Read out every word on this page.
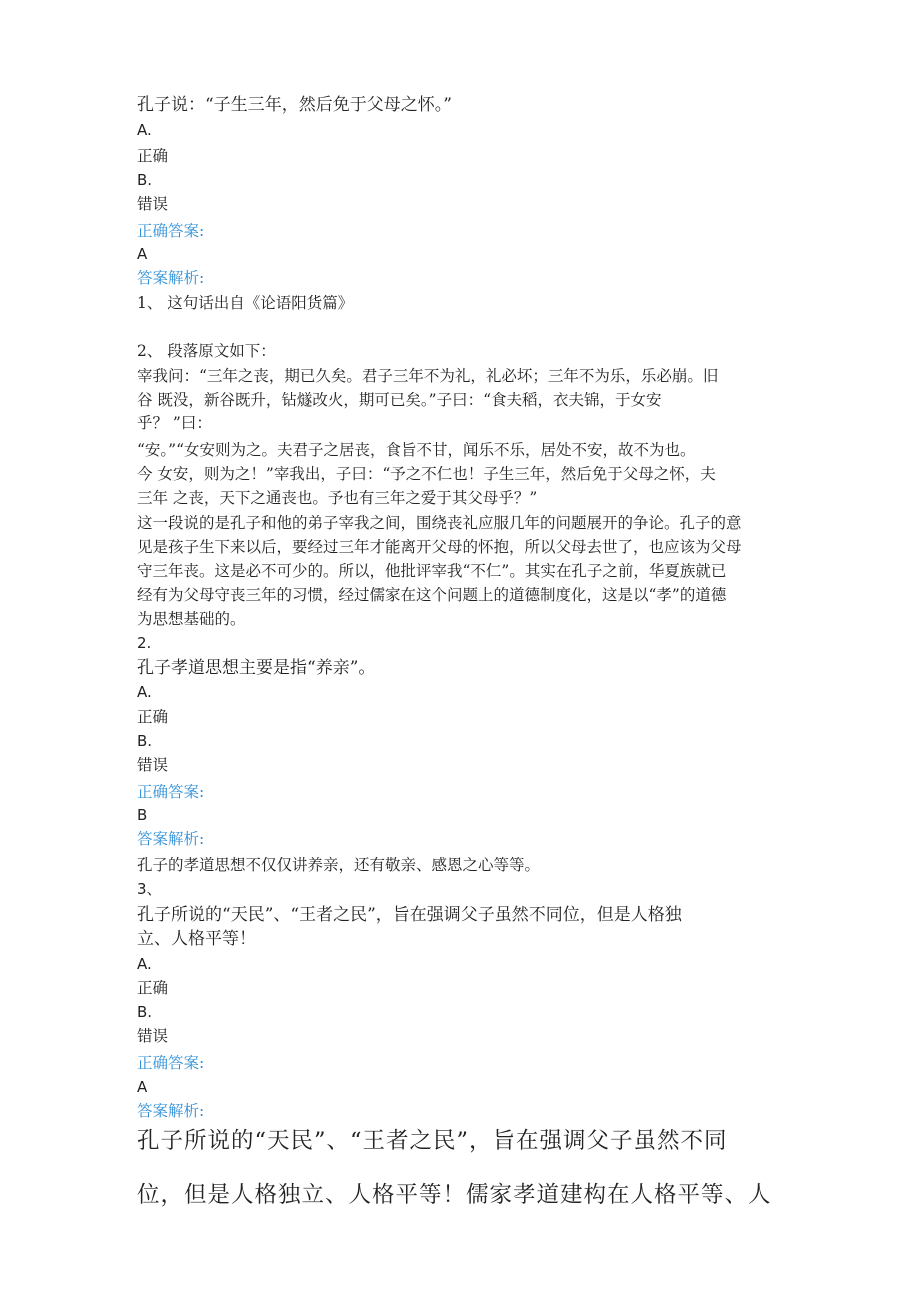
孔子说：“子生三年，然后免于父母之怀。”
A.
正确
B.
错误
正确答案:
A
答案解析:
1、 这句话出自《论语阳货篇》
2、 段落原文如下：
宰我问：“三年之丧，期已久矣。君子三年不为礼，礼必坏；三年不为乐，乐必崩。旧
谷 既没，新谷既升，钻燧改火，期可已矣。”子曰：“食夫稻，衣夫锦，于女安
乎？ ”曰：
“安。”“女安则为之。夫君子之居丧，食旨不甘，闻乐不乐，居处不安，故不为也。
今 女安，则为之！”宰我出，子曰：“予之不仁也！子生三年，然后免于父母之怀，夫
三年 之丧，天下之通丧也。予也有三年之爱于其父母乎？”
这一段说的是孔子和他的弟子宰我之间，围绕丧礼应服几年的问题展开的争论。孔子的意
见是孩子生下来以后，要经过三年才能离开父母的怀抱，所以父母去世了，也应该为父母
守三年丧。这是必不可少的。所以，他批评宰我“不仁”。其实在孔子之前，华夏族就已
经有为父母守丧三年的习惯，经过儒家在这个问题上的道德制度化，这是以“孝”的道德
为思想基础的。
2.
孔子孝道思想主要是指“养亲”。
A.
正确
B.
错误
正确答案:
B
答案解析:
孔子的孝道思想不仅仅讲养亲，还有敬亲、感恩之心等等。
3、
孔子所说的“天民”、“王者之民”，旨在强调父子虽然不同位，但是人格独
立、人格平等！
A.
正确
B.
错误
正确答案:
A
答案解析:
孔子所说的“天民”、“王者之民”，旨在强调父子虽然不同
位，但是人格独立、人格平等！儒家孝道建构在人格平等、人
